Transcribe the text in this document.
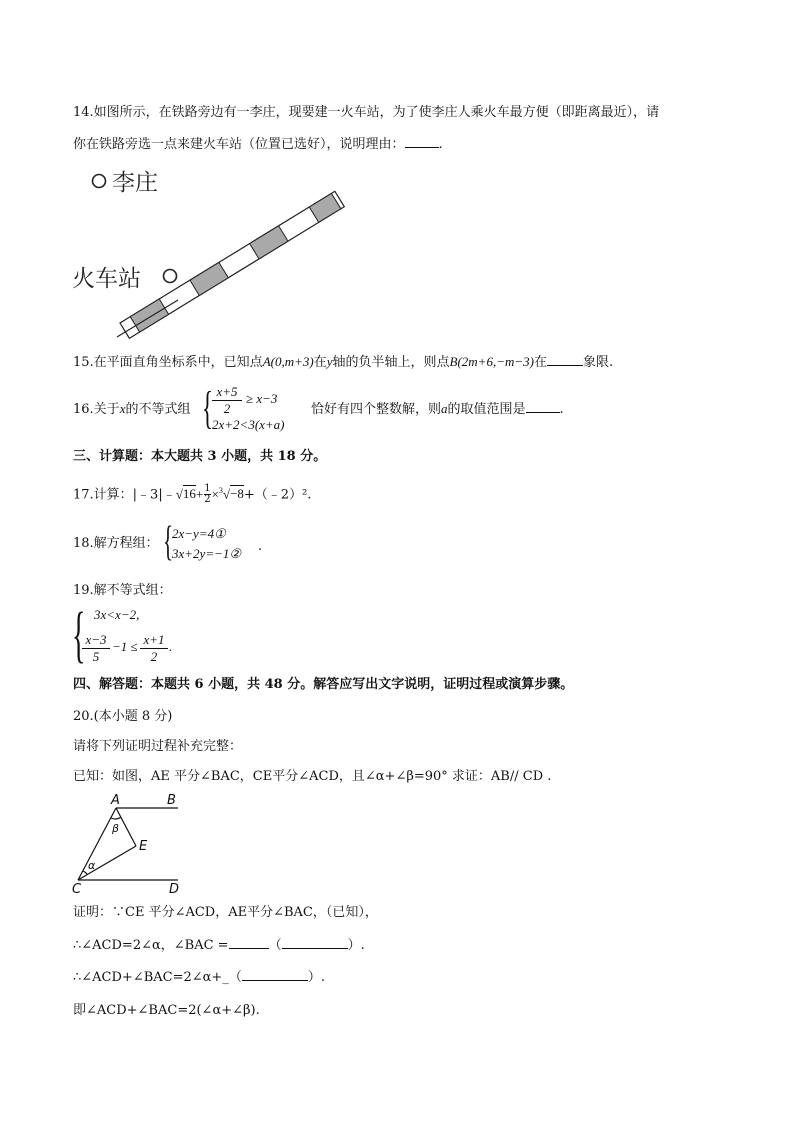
14.如图所示，在铁路旁边有一李庄，现要建一火车站，为了使李庄人乘火车最方便（即距离最近），请
你在铁路旁选一点来建火车站（位置已选好），说明理由：	.
李庄
火车站
15.在平面直角坐标系中，已知点A(0,m+3)在y轴的负半轴上，则点B(2m+6,−m−3)在	象限.
16.关于x的不等式组 {
$\frac{x+5}{2} \ge x-3$
2x+2<3(x+a)
恰好有四个整数解，则a的取值范围是	.
三、计算题：本大题共 3 小题，共 18 分。
17.计算：|﹣3|﹣√16+ $\frac{1}{2}$ ×$^3$√−8+（﹣2）².
18.解方程组： {
2x−y=4①
3x+2y=−1② .
19.解不等式组：
{ 3x<x−2,
$\frac{x-3}{5} -1 \le \frac{x+1}{2}$ .
四、解答题：本题共 6 小题，共 48 分。解答应写出文字说明，证明过程或演算步骤。
20.(本小题 8 分)
请将下列证明过程补充完整：
已知：如图，AE 平分∠BAC，CE平分∠ACD，且∠α+∠β=90° 求证：AB// CD .
A	B
C	D
E
β
α
证明：∵CE 平分∠ACD，AE平分∠BAC，（已知），
∴∠ACD=2∠α，∠BAC =	（	）.
∴∠ACD+∠BAC=2∠α+_（	）.
即∠ACD+∠BAC=2(∠α+∠β).
